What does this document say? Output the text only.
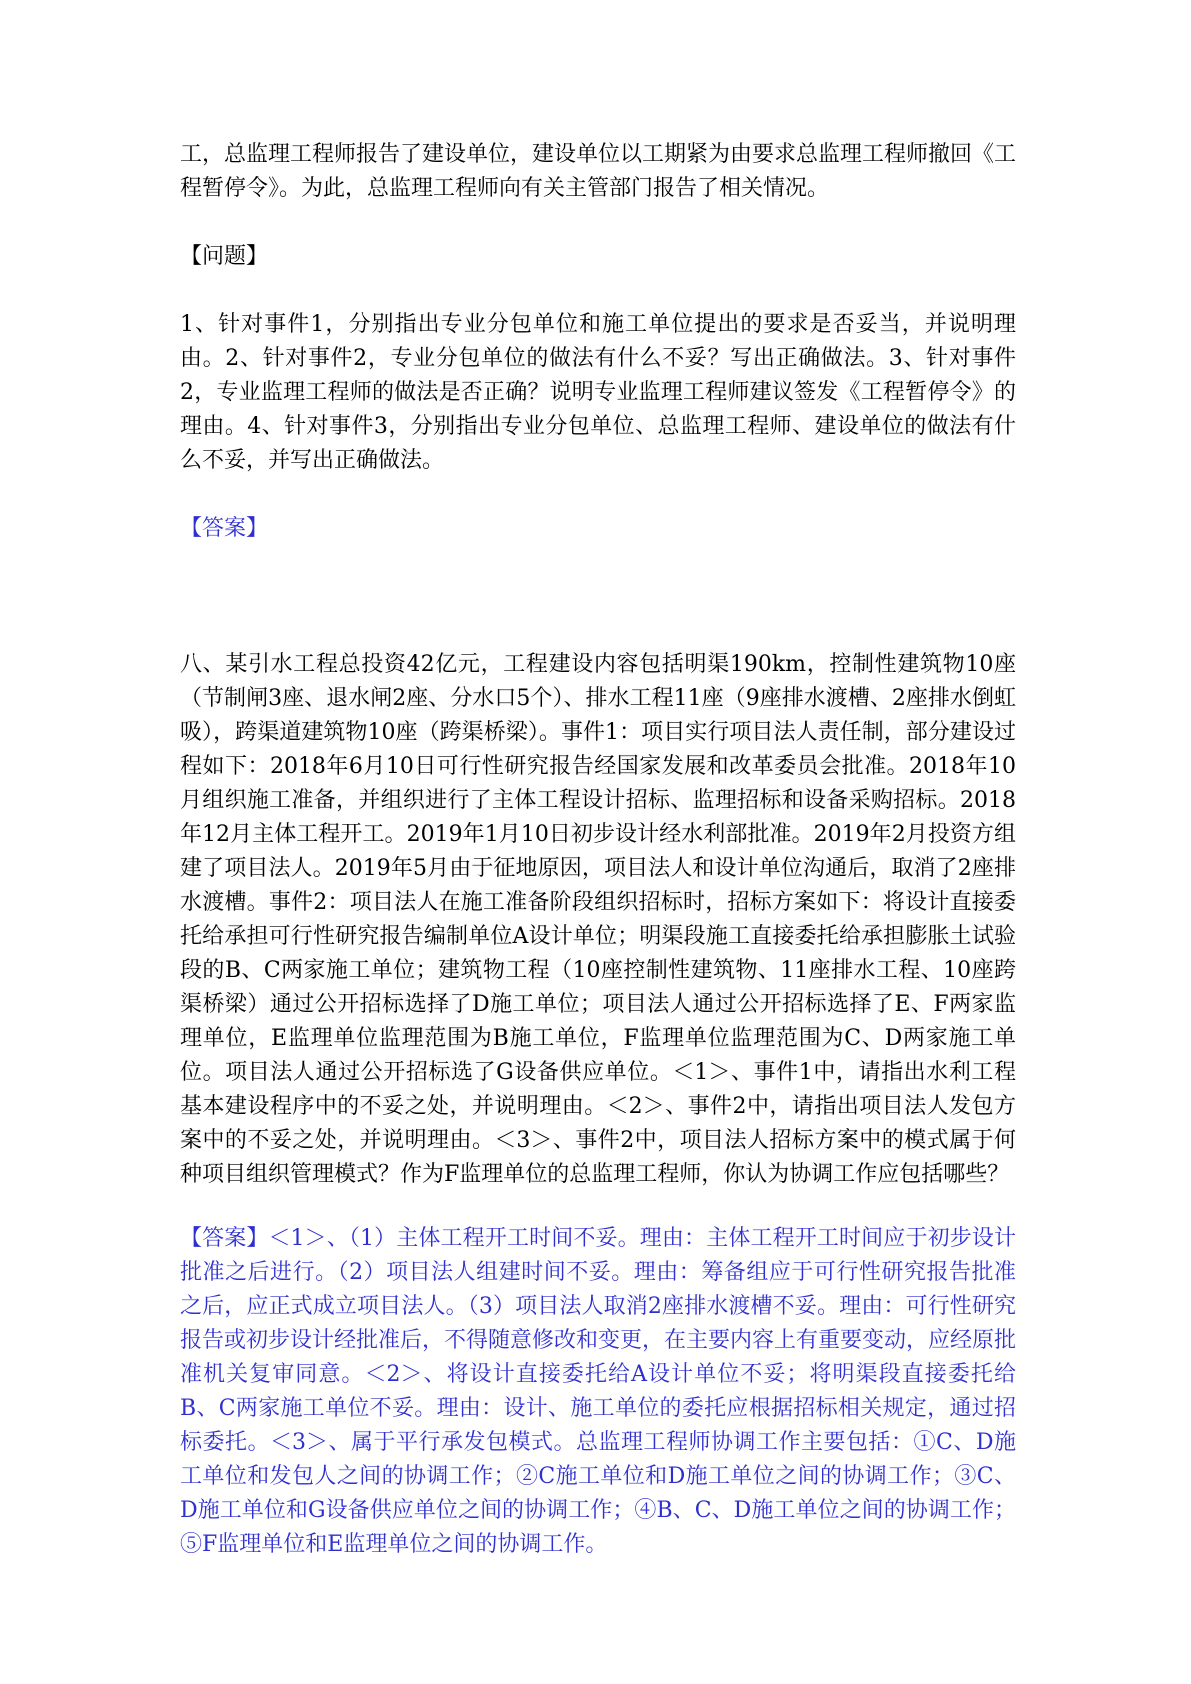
工，总监理工程师报告了建设单位，建设单位以工期紧为由要求总监理工程师撤回《工程暂停令》。为此，总监理工程师向有关主管部门报告了相关情况。

【问题】

1、针对事件1，分别指出专业分包单位和施工单位提出的要求是否妥当，并说明理由。2、针对事件2，专业分包单位的做法有什么不妥？写出正确做法。3、针对事件2，专业监理工程师的做法是否正确？说明专业监理工程师建议签发《工程暂停令》的理由。4、针对事件3，分别指出专业分包单位、总监理工程师、建设单位的做法有什么不妥，并写出正确做法。

【答案】

八、某引水工程总投资42亿元，工程建设内容包括明渠190km，控制性建筑物10座（节制闸3座、退水闸2座、分水口5个）、排水工程11座（9座排水渡槽、2座排水倒虹吸），跨渠道建筑物10座（跨渠桥梁）。事件1：项目实行项目法人责任制，部分建设过程如下：2018年6月10日可行性研究报告经国家发展和改革委员会批准。2018年10月组织施工准备，并组织进行了主体工程设计招标、监理招标和设备采购招标。2018年12月主体工程开工。2019年1月10日初步设计经水利部批准。2019年2月投资方组建了项目法人。2019年5月由于征地原因，项目法人和设计单位沟通后，取消了2座排水渡槽。事件2：项目法人在施工准备阶段组织招标时，招标方案如下：将设计直接委托给承担可行性研究报告编制单位A设计单位；明渠段施工直接委托给承担膨胀土试验段的B、C两家施工单位；建筑物工程（10座控制性建筑物、11座排水工程、10座跨渠桥梁）通过公开招标选择了D施工单位；项目法人通过公开招标选择了E、F两家监理单位，E监理单位监理范围为B施工单位，F监理单位监理范围为C、D两家施工单位。项目法人通过公开招标选了G设备供应单位。＜1＞、事件1中，请指出水利工程基本建设程序中的不妥之处，并说明理由。＜2＞、事件2中，请指出项目法人发包方案中的不妥之处，并说明理由。＜3＞、事件2中，项目法人招标方案中的模式属于何种项目组织管理模式？作为F监理单位的总监理工程师，你认为协调工作应包括哪些？

【答案】＜1＞、（1）主体工程开工时间不妥。理由：主体工程开工时间应于初步设计批准之后进行。（2）项目法人组建时间不妥。理由：筹备组应于可行性研究报告批准之后，应正式成立项目法人。（3）项目法人取消2座排水渡槽不妥。理由：可行性研究报告或初步设计经批准后，不得随意修改和变更，在主要内容上有重要变动，应经原批准机关复审同意。＜2＞、将设计直接委托给A设计单位不妥；将明渠段直接委托给B、C两家施工单位不妥。理由：设计、施工单位的委托应根据招标相关规定，通过招标委托。＜3＞、属于平行承发包模式。总监理工程师协调工作主要包括：①C、D施工单位和发包人之间的协调工作；②C施工单位和D施工单位之间的协调工作；③C、D施工单位和G设备供应单位之间的协调工作；④B、C、D施工单位之间的协调工作；⑤F监理单位和E监理单位之间的协调工作。
